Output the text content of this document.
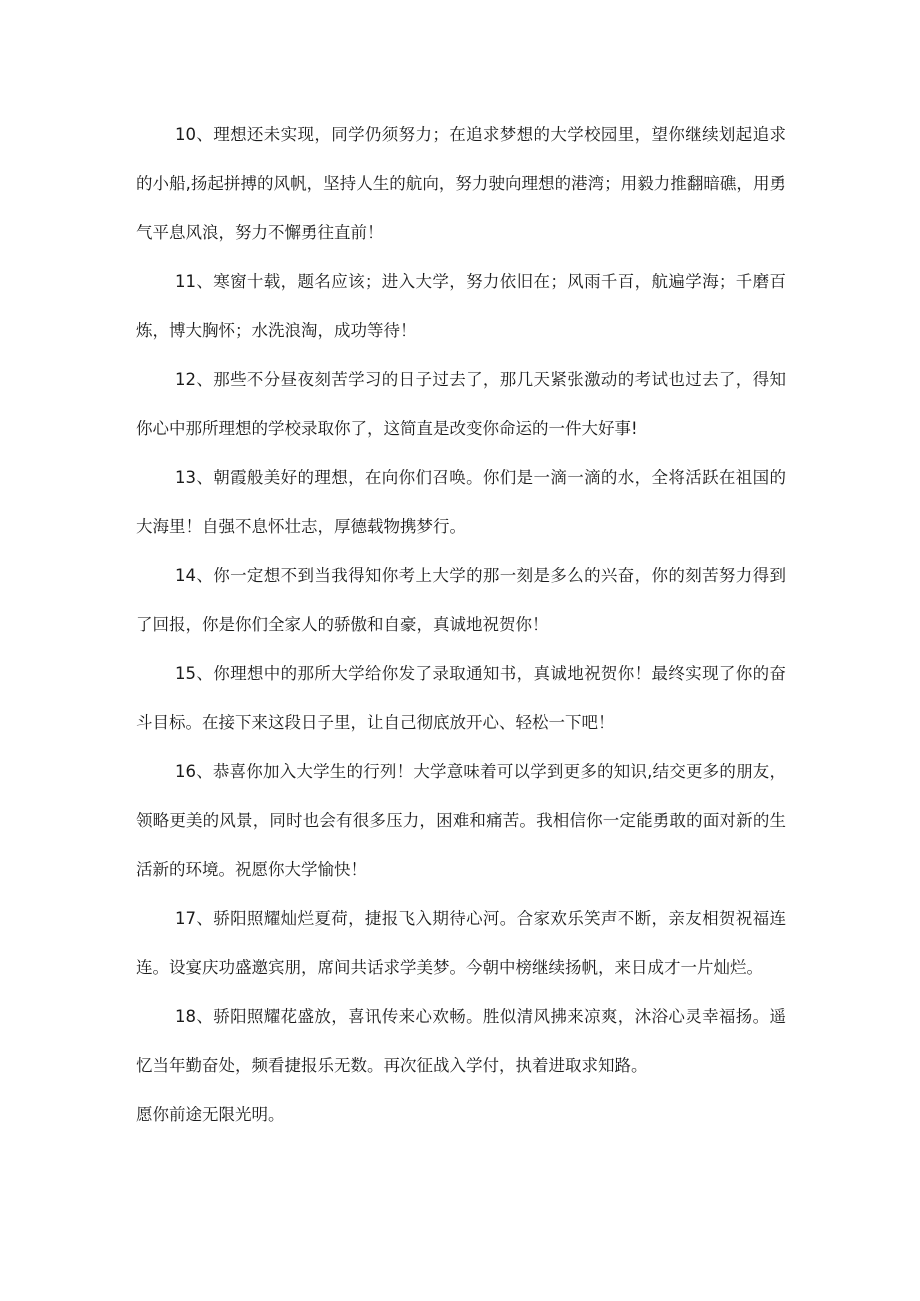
10、理想还未实现，同学仍须努力；在追求梦想的大学校园里，望你继续划起追求的小船,扬起拼搏的风帆，坚持人生的航向，努力驶向理想的港湾；用毅力推翻暗礁，用勇气平息风浪，努力不懈勇往直前！

11、寒窗十载，题名应该；进入大学，努力依旧在；风雨千百，航遍学海；千磨百炼，博大胸怀；水洗浪淘，成功等待！

12、那些不分昼夜刻苦学习的日子过去了，那几天紧张激动的考试也过去了，得知你心中那所理想的学校录取你了，这简直是改变你命运的一件大好事!

13、朝霞般美好的理想，在向你们召唤。你们是一滴一滴的水，全将活跃在祖国的大海里！自强不息怀壮志，厚德载物携梦行。

14、你一定想不到当我得知你考上大学的那一刻是多么的兴奋，你的刻苦努力得到了回报，你是你们全家人的骄傲和自豪，真诚地祝贺你！

15、你理想中的那所大学给你发了录取通知书，真诚地祝贺你！最终实现了你的奋斗目标。在接下来这段日子里，让自己彻底放开心、轻松一下吧！

16、恭喜你加入大学生的行列！大学意味着可以学到更多的知识,结交更多的朋友，领略更美的风景，同时也会有很多压力，困难和痛苦。我相信你一定能勇敢的面对新的生活新的环境。祝愿你大学愉快！

17、骄阳照耀灿烂夏荷，捷报飞入期待心河。合家欢乐笑声不断，亲友相贺祝福连连。设宴庆功盛邀宾朋，席间共话求学美梦。今朝中榜继续扬帆，来日成才一片灿烂。

18、骄阳照耀花盛放，喜讯传来心欢畅。胜似清风拂来凉爽，沐浴心灵幸福扬。遥忆当年勤奋处，频看捷报乐无数。再次征战入学付，执着进取求知路。

愿你前途无限光明。
